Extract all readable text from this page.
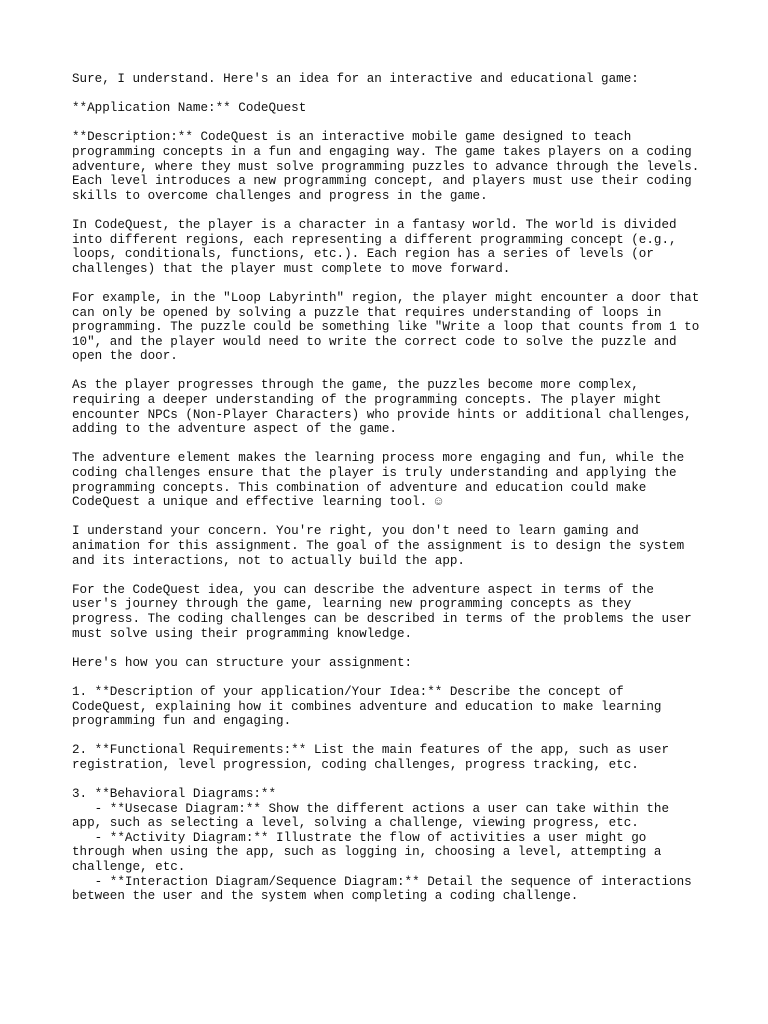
Sure, I understand. Here's an idea for an interactive and educational game:
**Application Name:** CodeQuest
**Description:** CodeQuest is an interactive mobile game designed to teach
programming concepts in a fun and engaging way. The game takes players on a coding
adventure, where they must solve programming puzzles to advance through the levels.
Each level introduces a new programming concept, and players must use their coding
skills to overcome challenges and progress in the game.
In CodeQuest, the player is a character in a fantasy world. The world is divided
into different regions, each representing a different programming concept (e.g.,
loops, conditionals, functions, etc.). Each region has a series of levels (or
challenges) that the player must complete to move forward.
For example, in the "Loop Labyrinth" region, the player might encounter a door that
can only be opened by solving a puzzle that requires understanding of loops in
programming. The puzzle could be something like "Write a loop that counts from 1 to
10", and the player would need to write the correct code to solve the puzzle and
open the door.
As the player progresses through the game, the puzzles become more complex,
requiring a deeper understanding of the programming concepts. The player might
encounter NPCs (Non-Player Characters) who provide hints or additional challenges,
adding to the adventure aspect of the game.
The adventure element makes the learning process more engaging and fun, while the
coding challenges ensure that the player is truly understanding and applying the
programming concepts. This combination of adventure and education could make
CodeQuest a unique and effective learning tool. ☺
I understand your concern. You're right, you don't need to learn gaming and
animation for this assignment. The goal of the assignment is to design the system
and its interactions, not to actually build the app.
For the CodeQuest idea, you can describe the adventure aspect in terms of the
user's journey through the game, learning new programming concepts as they
progress. The coding challenges can be described in terms of the problems the user
must solve using their programming knowledge.
Here's how you can structure your assignment:
1. **Description of your application/Your Idea:** Describe the concept of
CodeQuest, explaining how it combines adventure and education to make learning
programming fun and engaging.
2. **Functional Requirements:** List the main features of the app, such as user
registration, level progression, coding challenges, progress tracking, etc.
3. **Behavioral Diagrams:**
- **Usecase Diagram:** Show the different actions a user can take within the
app, such as selecting a level, solving a challenge, viewing progress, etc.
- **Activity Diagram:** Illustrate the flow of activities a user might go
through when using the app, such as logging in, choosing a level, attempting a
challenge, etc.
- **Interaction Diagram/Sequence Diagram:** Detail the sequence of interactions
between the user and the system when completing a coding challenge.
